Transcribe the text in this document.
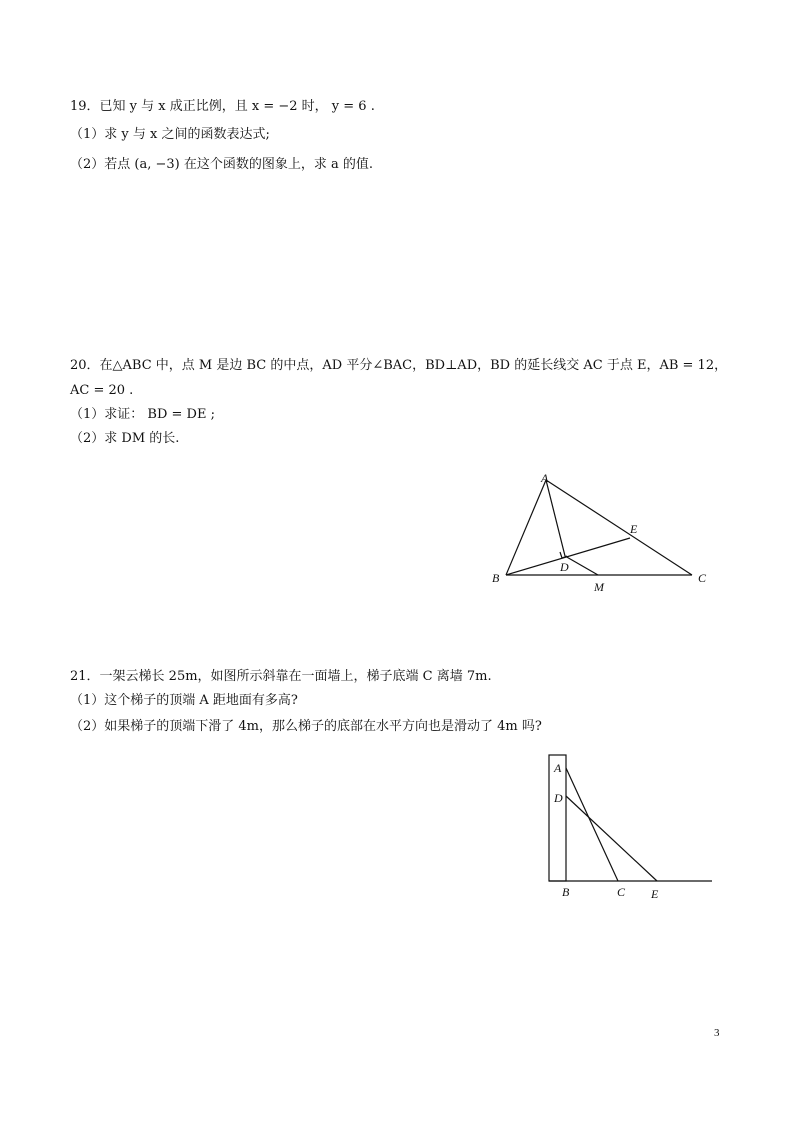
19．已知 y 与 x 成正比例，且 x = −2 时， y = 6 .
（1）求 y 与 x 之间的函数表达式;
（2）若点 (a, −3) 在这个函数的图象上，求 a 的值.
20．在△ABC 中，点 M 是边 BC 的中点，AD 平分∠BAC，BD⊥AD，BD 的延长线交 AC 于点 E，AB = 12，
AC = 20 .
（1）求证： BD = DE ;
（2）求 DM 的长.
A
B	C
D
E
M
21．一架云梯长 25m，如图所示斜靠在一面墙上，梯子底端 C 离墙 7m.
（1）这个梯子的顶端 A 距地面有多高?
（2）如果梯子的顶端下滑了 4m，那么梯子的底部在水平方向也是滑动了 4m 吗?
A
D
B	C E
3
